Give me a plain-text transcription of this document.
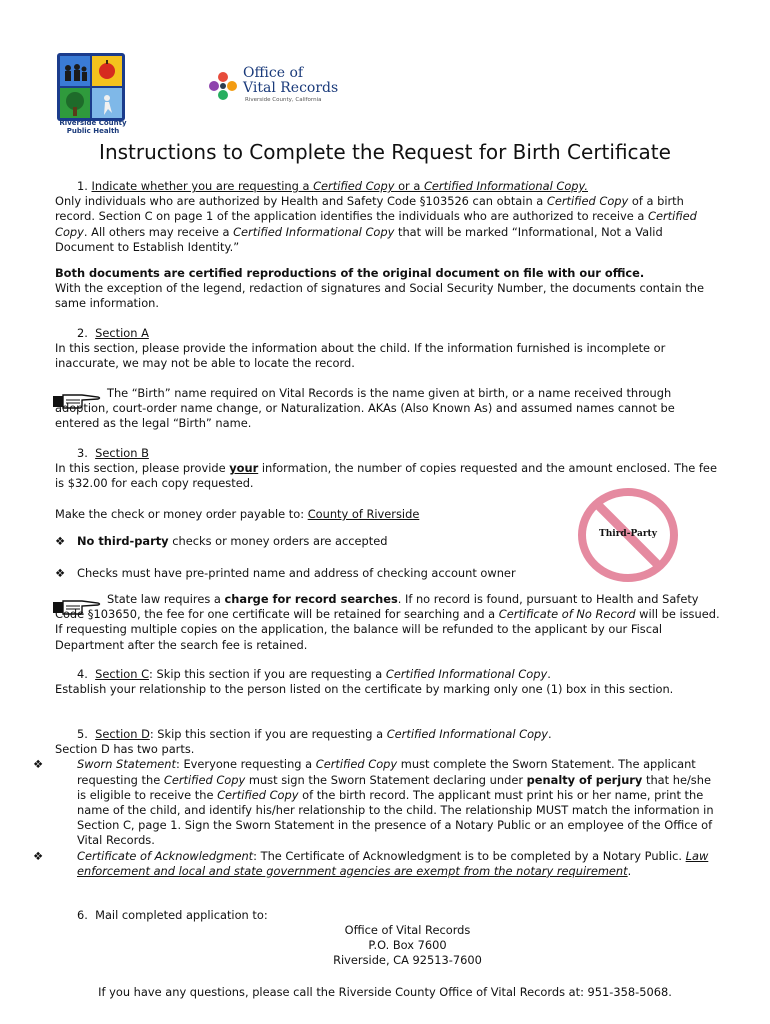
Riverside County Public Health
Office of
Vital Records
Riverside County, California
Instructions to Complete the Request for Birth Certificate
1. Indicate whether you are requesting a Certified Copy or a Certified Informational Copy.
Only individuals who are authorized by Health and Safety Code §103526 can obtain a Certified Copy of a birth record. Section C on page 1 of the application identifies the individuals who are authorized to receive a Certified Copy. All others may receive a Certified Informational Copy that will be marked “Informational, Not a Valid Document to Establish Identity.”
Both documents are certified reproductions of the original document on file with our office.
With the exception of the legend, redaction of signatures and Social Security Number, the documents contain the same information.
2. Section A
In this section, please provide the information about the child. If the information furnished is incomplete or inaccurate, we may not be able to locate the record.
The “Birth” name required on Vital Records is the name given at birth, or a name received through adoption, court-order name change, or Naturalization. AKAs (Also Known As) and assumed names cannot be entered as the legal “Birth” name.
3. Section B
In this section, please provide your information, the number of copies requested and the amount enclosed. The fee is $32.00 for each copy requested.
Make the check or money order payable to: County of Riverside
❖ No third-party checks or money orders are accepted
❖ Checks must have pre-printed name and address of checking account owner
Third-Party
State law requires a charge for record searches. If no record is found, pursuant to Health and Safety Code §103650, the fee for one certificate will be retained for searching and a Certificate of No Record will be issued. If requesting multiple copies on the application, the balance will be refunded to the applicant by our Fiscal Department after the search fee is retained.
4. Section C: Skip this section if you are requesting a Certified Informational Copy.
Establish your relationship to the person listed on the certificate by marking only one (1) box in this section.
5. Section D: Skip this section if you are requesting a Certified Informational Copy.
Section D has two parts.
❖	Sworn Statement: Everyone requesting a Certified Copy must complete the Sworn Statement. The applicant requesting the Certified Copy must sign the Sworn Statement declaring under penalty of perjury that he/she is eligible to receive the Certified Copy of the birth record. The applicant must print his or her name, print the name of the child, and identify his/her relationship to the child. The relationship MUST match the information in Section C, page 1. Sign the Sworn Statement in the presence of a Notary Public or an employee of the Office of Vital Records.
❖	Certificate of Acknowledgment: The Certificate of Acknowledgment is to be completed by a Notary Public. Law enforcement and local and state government agencies are exempt from the notary requirement.
6. Mail completed application to:
Office of Vital Records
P.O. Box 7600
Riverside, CA 92513-7600
If you have any questions, please call the Riverside County Office of Vital Records at: 951-358-5068.
